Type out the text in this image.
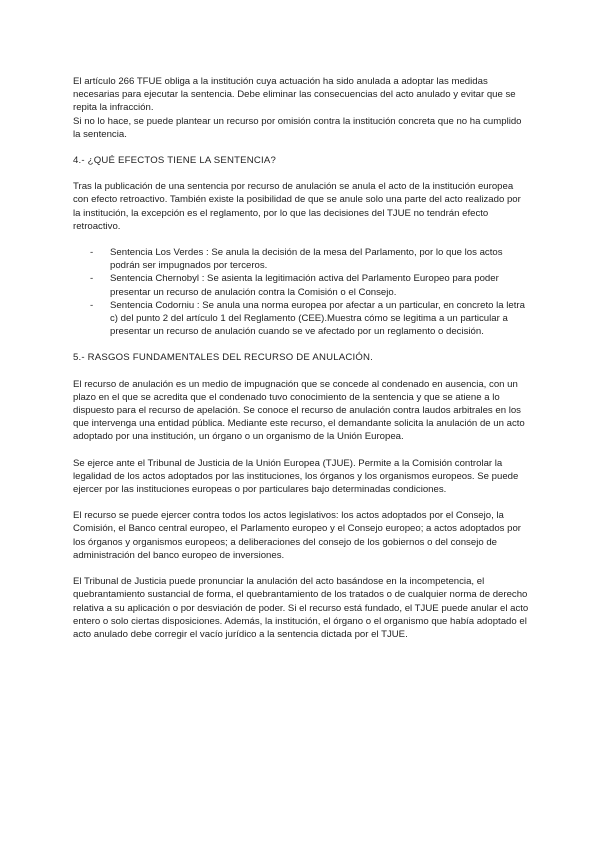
El artículo 266 TFUE obliga a la institución cuya actuación ha sido anulada a adoptar las medidas necesarias para ejecutar la sentencia. Debe eliminar las consecuencias del acto anulado y evitar que se repita la infracción.

Si no lo hace, se puede plantear un recurso por omisión contra la institución concreta que no ha cumplido la sentencia.

4.- ¿QUÉ EFECTOS TIENE LA SENTENCIA?

Tras la publicación de una sentencia por recurso de anulación se anula el acto de la institución europea con efecto retroactivo. También existe la posibilidad de que se anule solo una parte del acto realizado por la institución, la excepción es el reglamento, por lo que las decisiones del TJUE no tendrán efecto retroactivo.

- Sentencia Los Verdes : Se anula la decisión de la mesa del Parlamento, por lo que los actos podrán ser impugnados por terceros.
- Sentencia Chernobyl : Se asienta la legitimación activa del Parlamento Europeo para poder presentar un recurso de anulación contra la Comisión o el Consejo.
- Sentencia Codorniu : Se anula una norma europea por afectar a un particular, en concreto la letra c) del punto 2 del artículo 1 del Reglamento (CEE).Muestra cómo se legitima a un particular a presentar un recurso de anulación cuando se ve afectado por un reglamento o decisión.

5.- RASGOS FUNDAMENTALES DEL RECURSO DE ANULACIÓN.

El recurso de anulación es un medio de impugnación que se concede al condenado en ausencia, con un plazo en el que se acredita que el condenado tuvo conocimiento de la sentencia y que se atiene a lo dispuesto para el recurso de apelación. Se conoce el recurso de anulación contra laudos arbitrales en los que intervenga una entidad pública. Mediante este recurso, el demandante solicita la anulación de un acto adoptado por una institución, un órgano o un organismo de la Unión Europea.

Se ejerce ante el Tribunal de Justicia de la Unión Europea (TJUE). Permite a la Comisión controlar la legalidad de los actos adoptados por las instituciones, los órganos y los organismos europeos. Se puede ejercer por las instituciones europeas o por particulares bajo determinadas condiciones.

El recurso se puede ejercer contra todos los actos legislativos: los actos adoptados por el Consejo, la Comisión, el Banco central europeo, el Parlamento europeo y el Consejo europeo; a actos adoptados por los órganos y organismos europeos; a deliberaciones del consejo de los gobiernos o del consejo de administración del banco europeo de inversiones.

El Tribunal de Justicia puede pronunciar la anulación del acto basándose en la incompetencia, el quebrantamiento sustancial de forma, el quebrantamiento de los tratados o de cualquier norma de derecho relativa a su aplicación o por desviación de poder. Si el recurso está fundado, el TJUE puede anular el acto entero o solo ciertas disposiciones. Además, la institución, el órgano o el organismo que había adoptado el acto anulado debe corregir el vacío jurídico a la sentencia dictada por el TJUE.
